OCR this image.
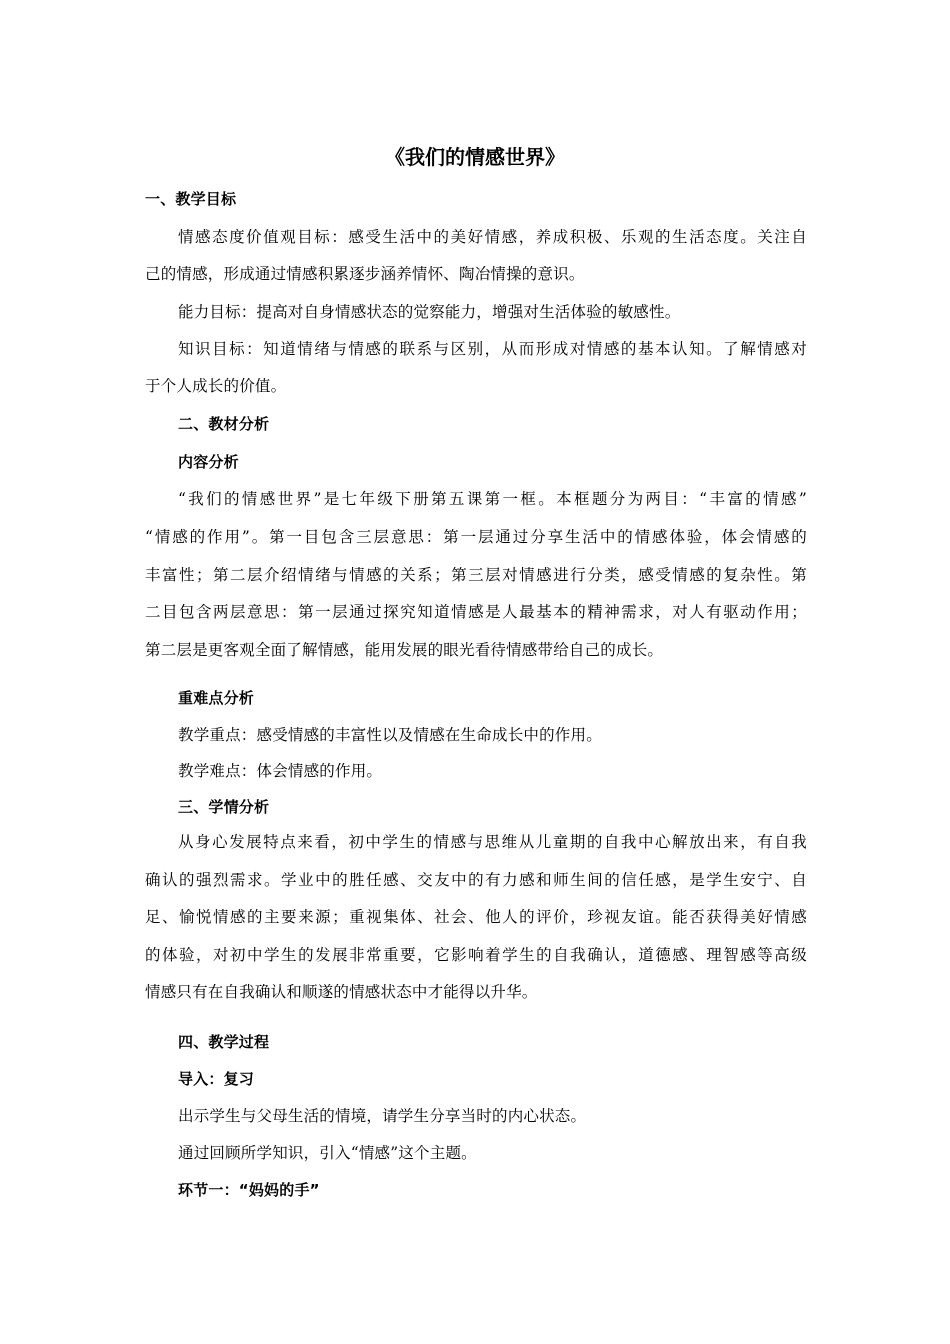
《我们的情感世界》
一、教学目标
情感态度价值观目标：感受生活中的美好情感，养成积极、乐观的生活态度。关注自
己的情感，形成通过情感积累逐步涵养情怀、陶冶情操的意识。
能力目标：提高对自身情感状态的觉察能力，增强对生活体验的敏感性。
知识目标：知道情绪与情感的联系与区别，从而形成对情感的基本认知。了解情感对
于个人成长的价值。
二、教材分析
内容分析
“我们的情感世界”是七年级下册第五课第一框。本框题分为两目：“丰富的情感”
“情感的作用”。第一目包含三层意思：第一层通过分享生活中的情感体验，体会情感的
丰富性；第二层介绍情绪与情感的关系；第三层对情感进行分类，感受情感的复杂性。第
二目包含两层意思：第一层通过探究知道情感是人最基本的精神需求，对人有驱动作用；
第二层是更客观全面了解情感，能用发展的眼光看待情感带给自己的成长。
重难点分析
教学重点：感受情感的丰富性以及情感在生命成长中的作用。
教学难点：体会情感的作用。
三、学情分析
从身心发展特点来看，初中学生的情感与思维从儿童期的自我中心解放出来，有自我
确认的强烈需求。学业中的胜任感、交友中的有力感和师生间的信任感，是学生安宁、自
足、愉悦情感的主要来源；重视集体、社会、他人的评价，珍视友谊。能否获得美好情感
的体验，对初中学生的发展非常重要，它影响着学生的自我确认，道德感、理智感等高级
情感只有在自我确认和顺遂的情感状态中才能得以升华。
四、教学过程
导入：复习
出示学生与父母生活的情境，请学生分享当时的内心状态。
通过回顾所学知识，引入“情感”这个主题。
环节一：“妈妈的手”
